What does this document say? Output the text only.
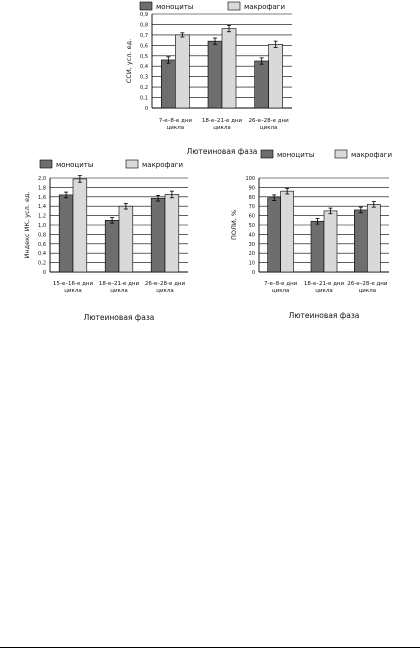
моноциты	макрофаги
0
0,1
0,2
0,3
0,4
0,5
0,6
0,7
0,8
0,9
7-е–8-е дни
цикла
18-е–21-е дни
цикла
26-е–28-е дни
цикла
Лютеиновая фаза
ССИ, усл. ед.
моноциты	макрофаги
0
0,2
0,4
0,6
0,8
1,0
1,2
1,4
1,6
1,8
2,0
15-е–16-е дни
цикла
18-е–21-е дни
цикла
26-е–28-е дни
цикла
Лютеиновая фаза
Индекс ИК, усл. ед.
моноциты	макрофаги
0
10
20
30
40
50
60
70
80
90
100
7-е–8-е дни
цикла
18-е–21-е дни
цикла
26-е–28-е дни
цикла
Лютеиновая фаза
ПОЛИ, %
